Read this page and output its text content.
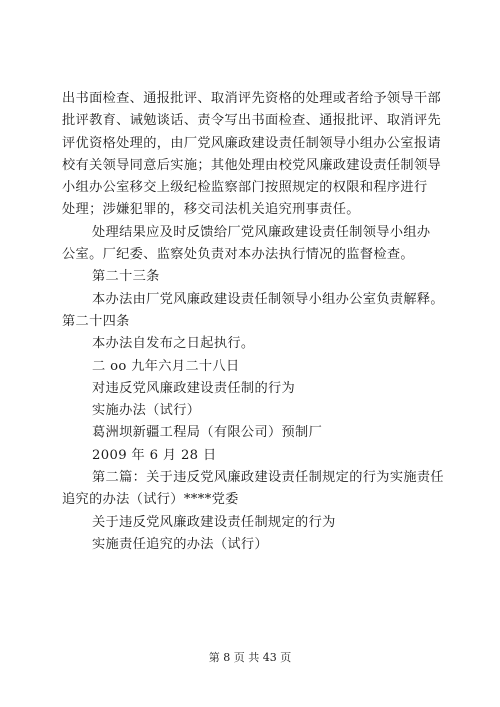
出书面检查、通报批评、取消评先资格的处理或者给予领导干部
批评教育、诫勉谈话、责令写出书面检查、通报批评、取消评先
评优资格处理的，由厂党风廉政建设责任制领导小组办公室报请
校有关领导同意后实施；其他处理由校党风廉政建设责任制领导
小组办公室移交上级纪检监察部门按照规定的权限和程序进行
处理；涉嫌犯罪的，移交司法机关追究刑事责任。
处理结果应及时反馈给厂党风廉政建设责任制领导小组办
公室。厂纪委、监察处负责对本办法执行情况的监督检查。
第二十三条
本办法由厂党风廉政建设责任制领导小组办公室负责解释。
第二十四条
本办法自发布之日起执行。
二 oo 九年六月二十八日
对违反党风廉政建设责任制的行为
实施办法（试行）
葛洲坝新疆工程局（有限公司）预制厂
2009 年 6 月 28 日
第二篇：关于违反党风廉政建设责任制规定的行为实施责任
追究的办法（试行）****党委
关于违反党风廉政建设责任制规定的行为
实施责任追究的办法（试行）
第 8 页 共 43 页
